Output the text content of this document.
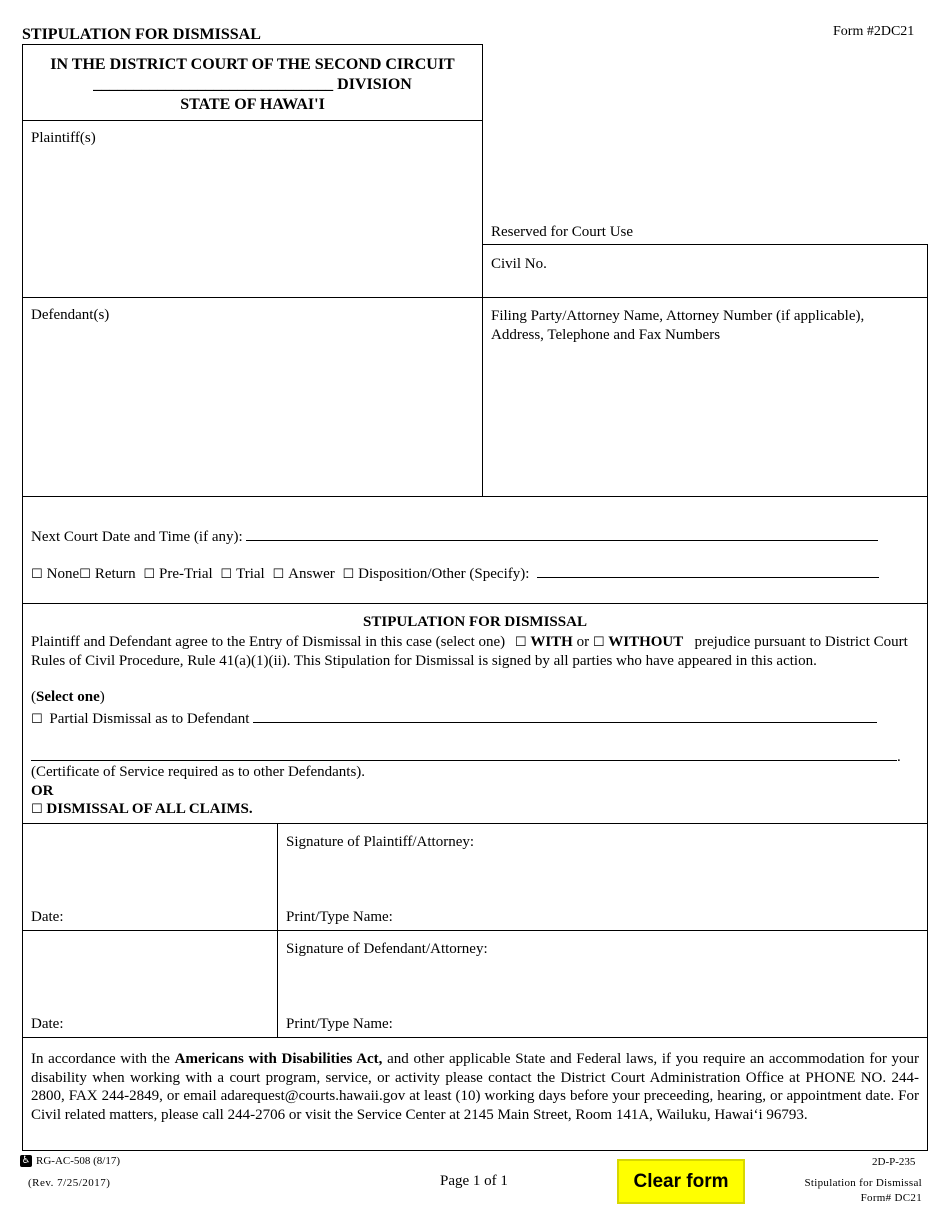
STIPULATION FOR DISMISSAL	Form #2DC21
IN THE DISTRICT COURT OF THE SECOND CIRCUIT
______________________________ DIVISION
STATE OF HAWAI'I
Plaintiff(s)
Reserved for Court Use
Civil No.
Filing Party/Attorney Name, Attorney Number (if applicable), Address, Telephone and Fax Numbers
Defendant(s)
Next Court Date and Time (if any):
☐ None☐ Return ☐ Pre-Trial ☐ Trial ☐ Answer ☐ Disposition/Other (Specify):
STIPULATION FOR DISMISSAL
Plaintiff and Defendant agree to the Entry of Dismissal in this case (select one) ☐ WITH or ☐ WITHOUT prejudice pursuant to District Court Rules of Civil Procedure, Rule 41(a)(1)(ii). This Stipulation for Dismissal is signed by all parties who have appeared in this action.
(Select one)
☐ Partial Dismissal as to Defendant
.
(Certificate of Service required as to other Defendants).
OR
☐ DISMISSAL OF ALL CLAIMS.
Signature of Plaintiff/Attorney:
Date:	Print/Type Name:
Signature of Defendant/Attorney:
Date:	Print/Type Name:
In accordance with the Americans with Disabilities Act, and other applicable State and Federal laws, if you require an accommodation for your disability when working with a court program, service, or activity please contact the District Court Administration Office at PHONE NO. 244-2800, FAX 244-2849, or email adarequest@courts.hawaii.gov at least (10) working days before your preceeding, hearing, or appointment date. For Civil related matters, please call 244-2706 or visit the Service Center at 2145 Main Street, Room 141A, Wailuku, Hawai‘i 96793.
♿ RG-AC-508 (8/17)
(Rev. 7/25/2017)	Page 1 of 1	Clear form
2D-P-235
Stipulation for Dismissal
Form# DC21
